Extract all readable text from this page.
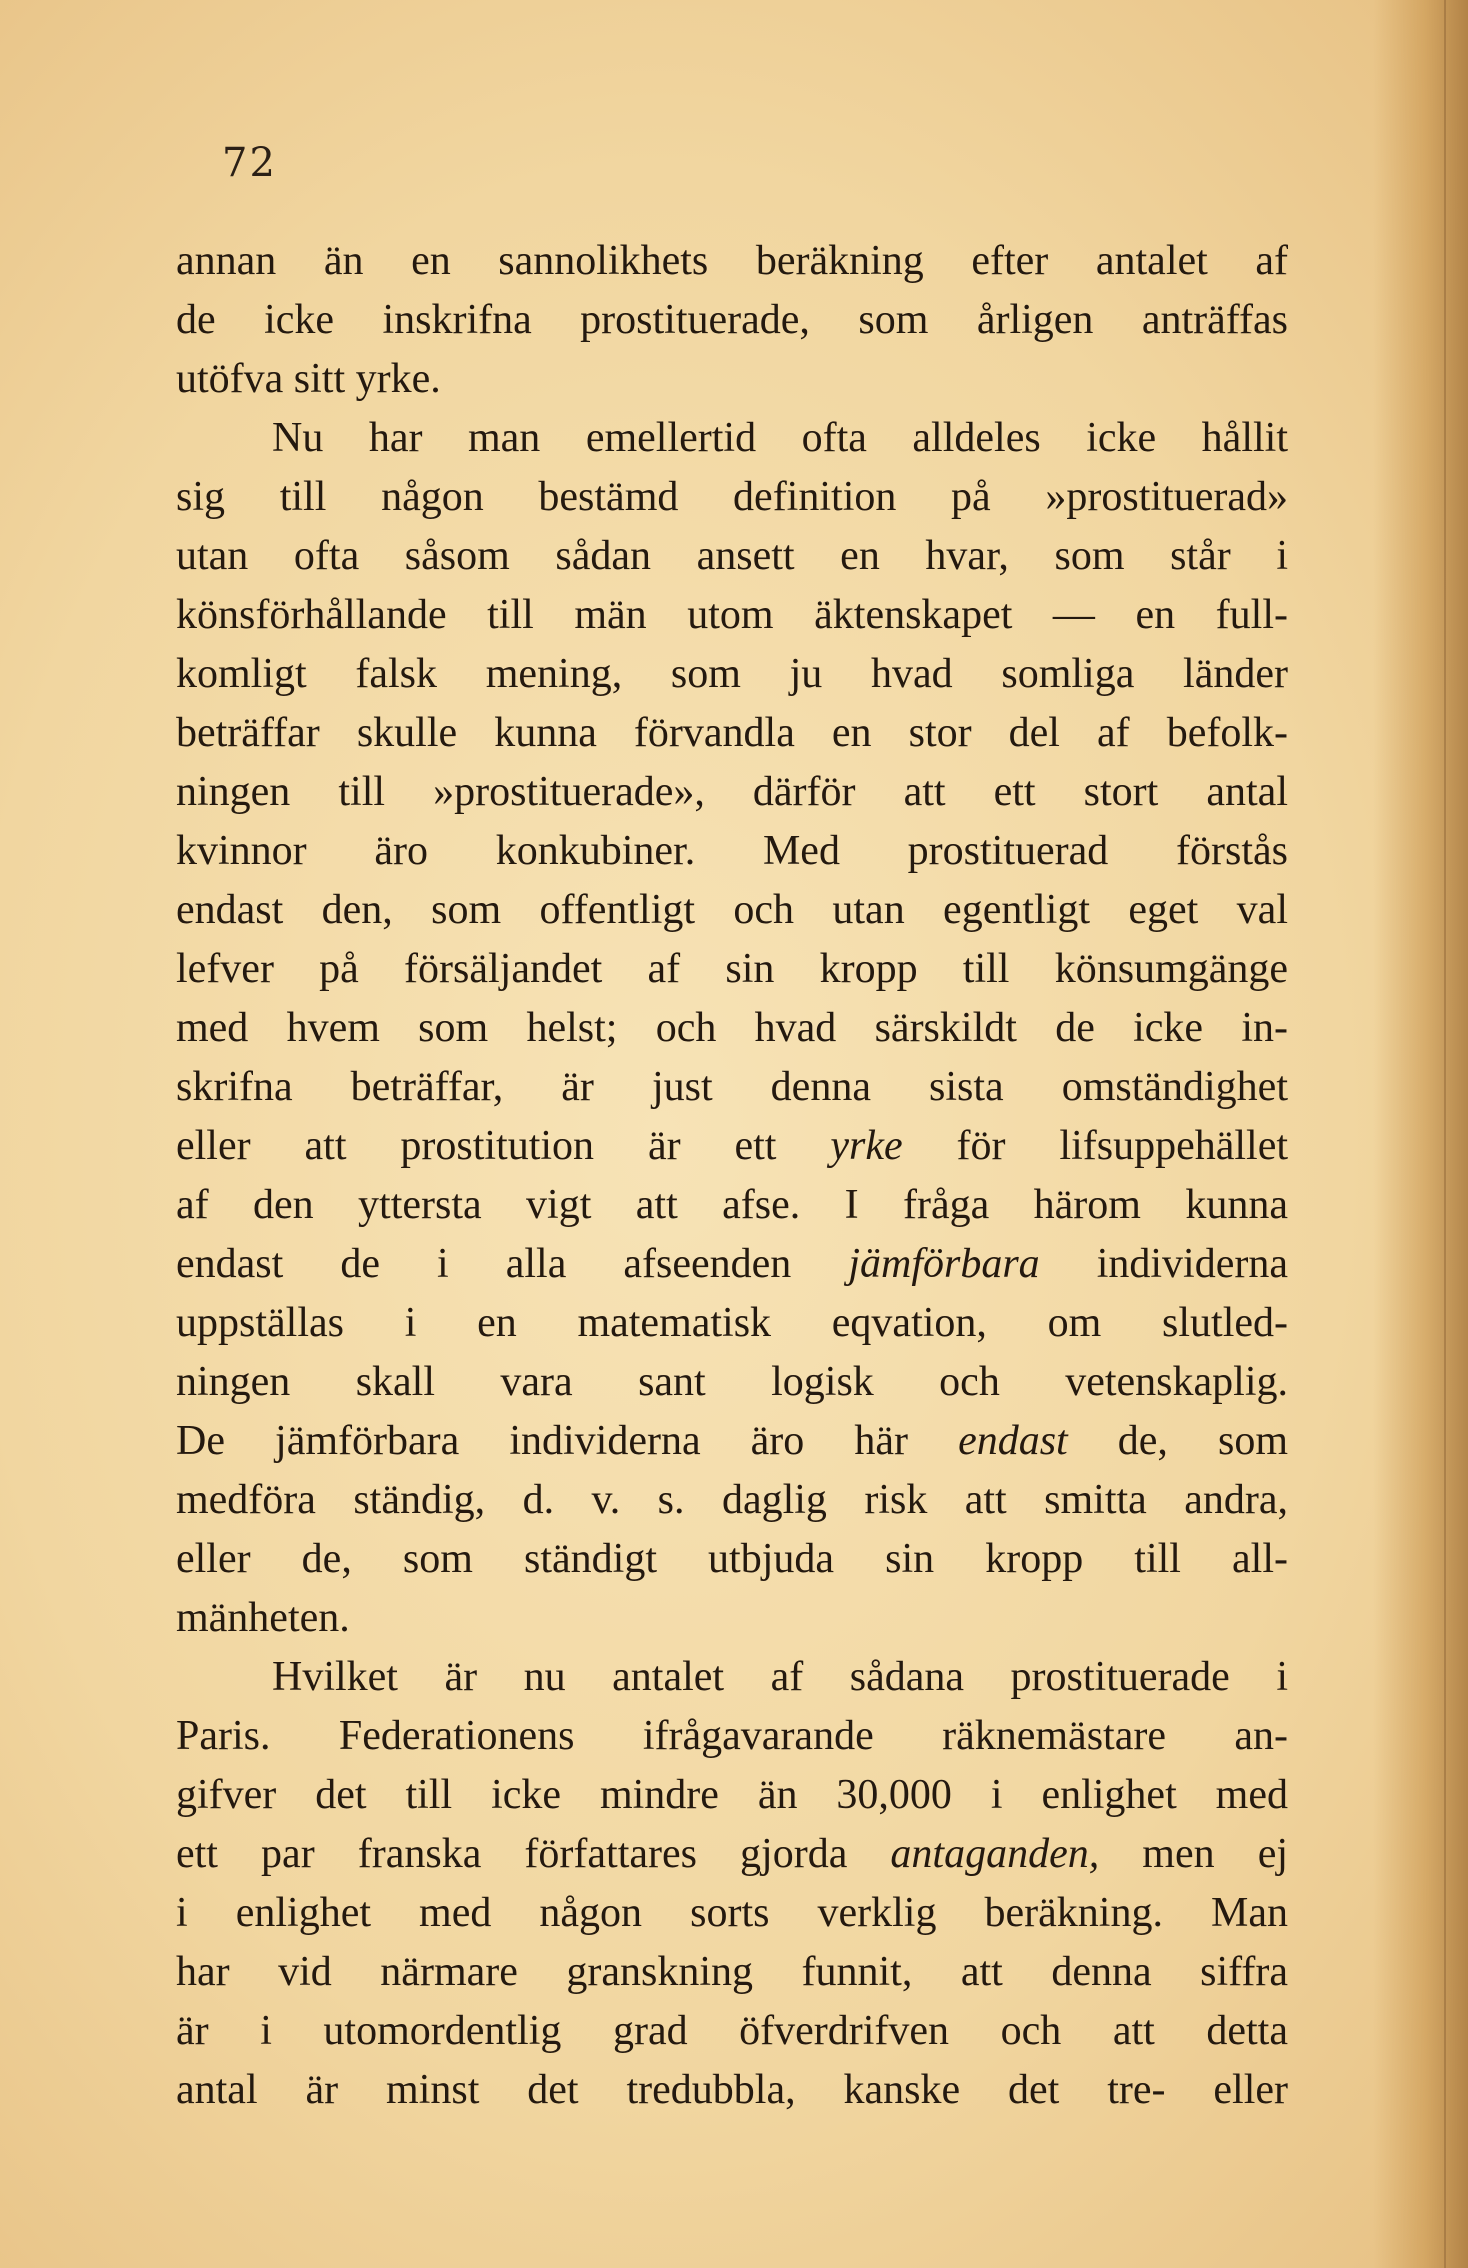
72
annan än en sannolikhets beräkning efter antalet af
de icke inskrifna prostituerade, som årligen anträffas
utöfva sitt yrke.
Nu har man emellertid ofta alldeles icke hållit
sig till någon bestämd definition på »prostituerad»
utan ofta såsom sådan ansett en hvar, som står i
könsförhållande till män utom äktenskapet — en full-
komligt falsk mening, som ju hvad somliga länder
beträffar skulle kunna förvandla en stor del af befolk-
ningen till »prostituerade», därför att ett stort antal
kvinnor äro konkubiner. Med prostituerad förstås
endast den, som offentligt och utan egentligt eget val
lefver på försäljandet af sin kropp till könsumgänge
med hvem som helst; och hvad särskildt de icke in-
skrifna beträffar, är just denna sista omständighet
eller att prostitution är ett yrke för lifsuppehället
af den yttersta vigt att afse. I fråga härom kunna
endast de i alla afseenden jämförbara individerna
uppställas i en matematisk eqvation, om slutled-
ningen skall vara sant logisk och vetenskaplig.
De jämförbara individerna äro här endast de, som
medföra ständig, d. v. s. daglig risk att smitta andra,
eller de, som ständigt utbjuda sin kropp till all-
mänheten.
Hvilket är nu antalet af sådana prostituerade i
Paris. Federationens ifrågavarande räknemästare an-
gifver det till icke mindre än 30,000 i enlighet med
ett par franska författares gjorda antaganden, men ej
i enlighet med någon sorts verklig beräkning. Man
har vid närmare granskning funnit, att denna siffra
är i utomordentlig grad öfverdrifven och att detta
antal är minst det tredubbla, kanske det tre- eller
